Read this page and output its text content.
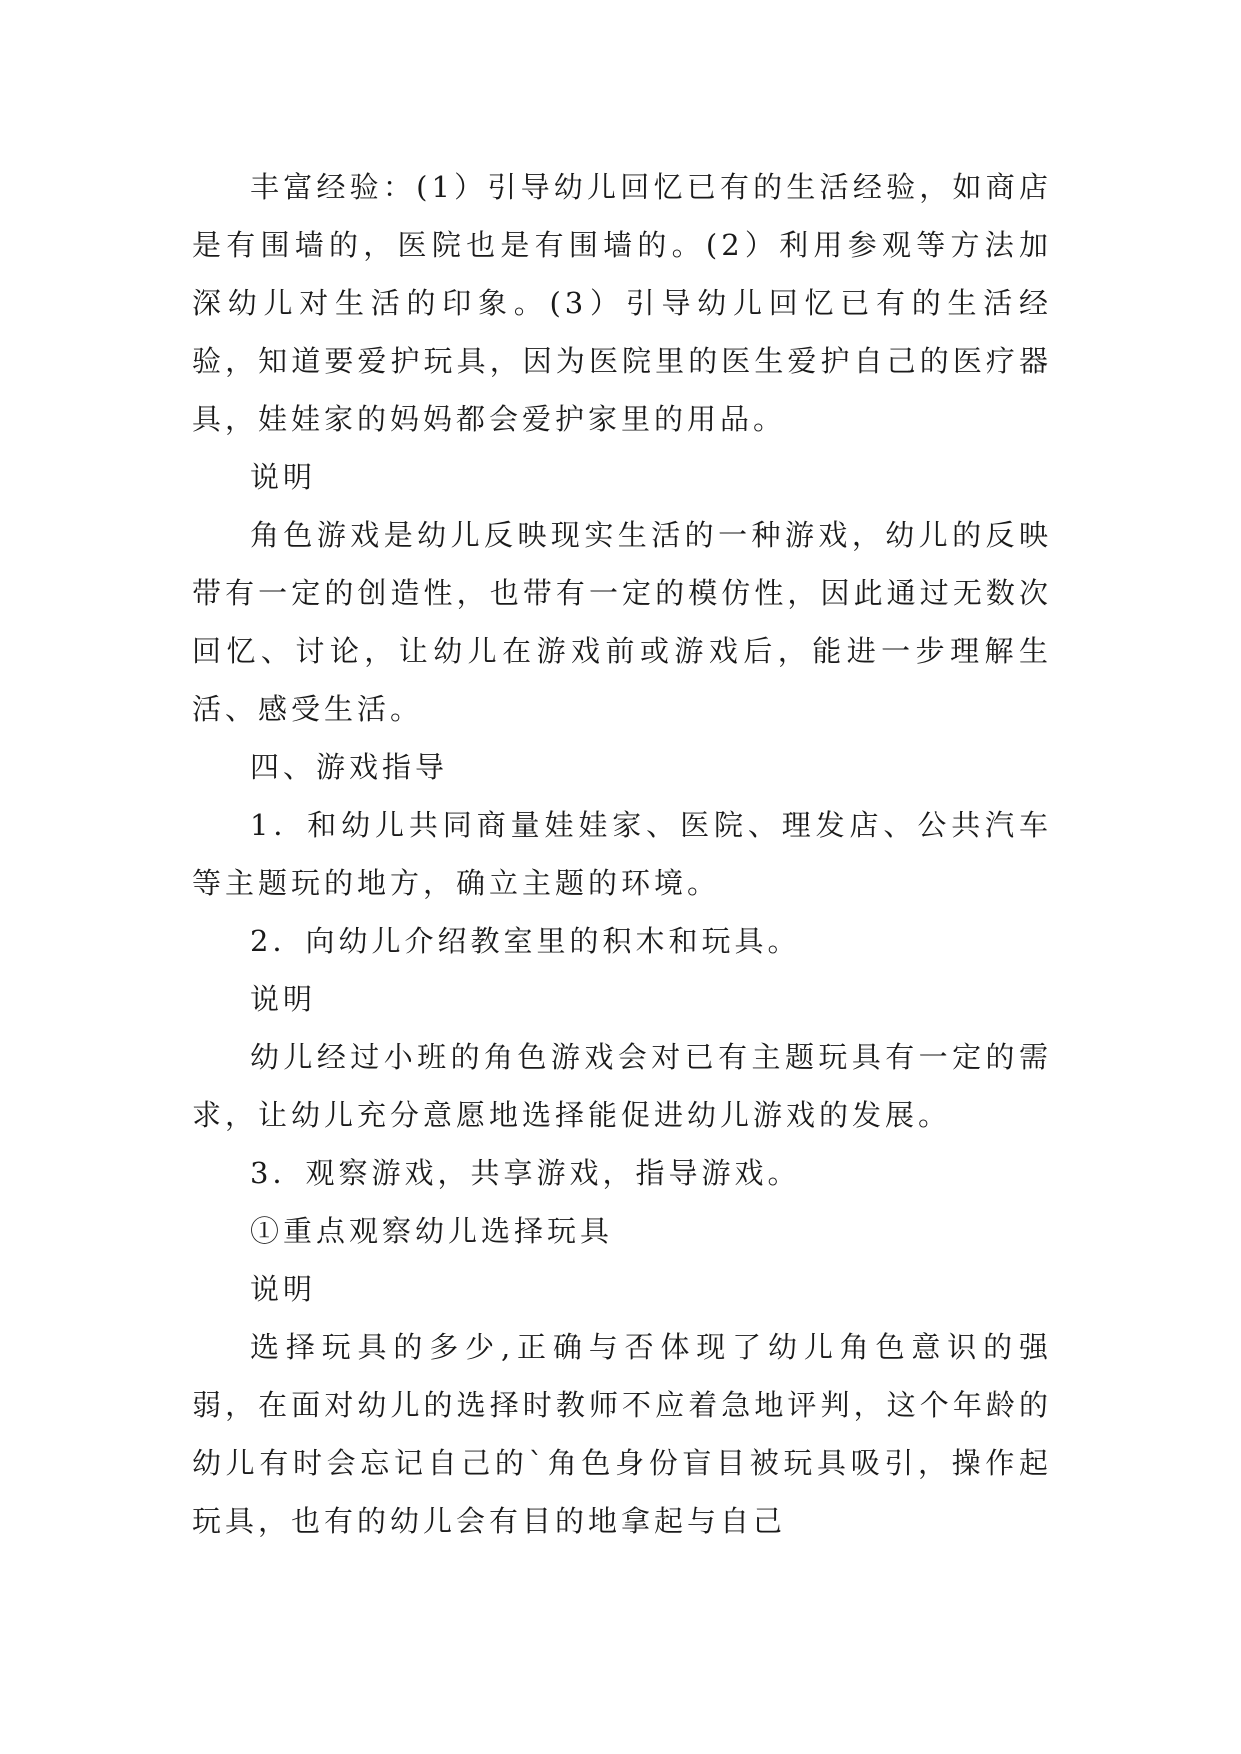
丰富经验：(1）引导幼儿回忆已有的生活经验，如商店是有围墙的，医院也是有围墙的。(2）利用参观等方法加深幼儿对生活的印象。(3）引导幼儿回忆已有的生活经验，知道要爱护玩具，因为医院里的医生爱护自己的医疗器具，娃娃家的妈妈都会爱护家里的用品。

说明

角色游戏是幼儿反映现实生活的一种游戏，幼儿的反映带有一定的创造性，也带有一定的模仿性，因此通过无数次回忆、讨论，让幼儿在游戏前或游戏后，能进一步理解生活、感受生活。

四、游戏指导

1．和幼儿共同商量娃娃家、医院、理发店、公共汽车等主题玩的地方，确立主题的环境。

2．向幼儿介绍教室里的积木和玩具。

说明

幼儿经过小班的角色游戏会对已有主题玩具有一定的需求，让幼儿充分意愿地选择能促进幼儿游戏的发展。

3．观察游戏，共享游戏，指导游戏。

①重点观察幼儿选择玩具

说明

选择玩具的多少,正确与否体现了幼儿角色意识的强弱，在面对幼儿的选择时教师不应着急地评判，这个年龄的幼儿有时会忘记自己的`角色身份盲目被玩具吸引，操作起玩具，也有的幼儿会有目的地拿起与自己
